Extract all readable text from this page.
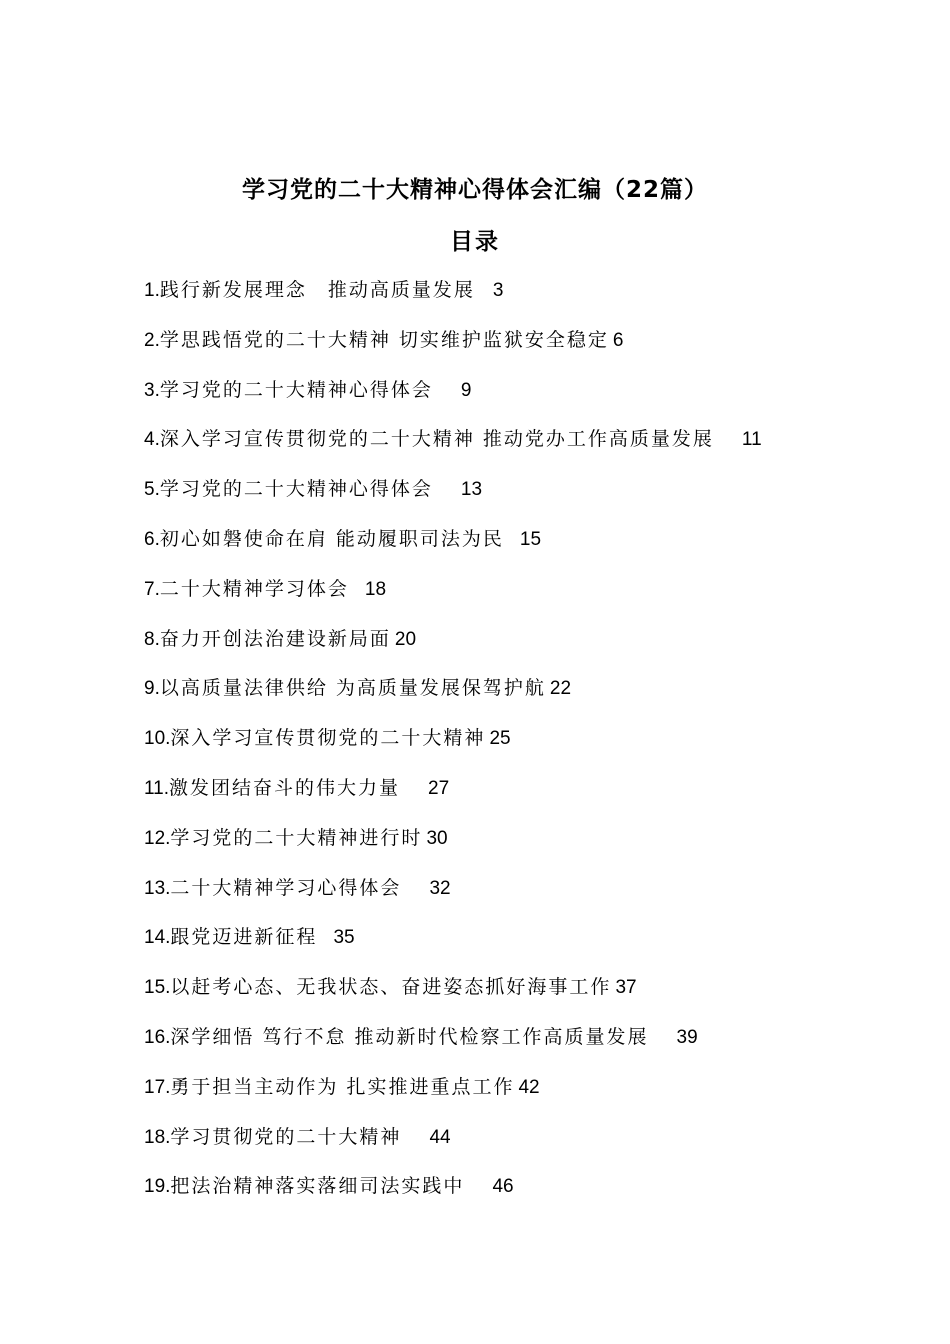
学习党的二十大精神心得体会汇编（22篇）
目录
1.践行新发展理念　推动高质量发展 3
2.学思践悟党的二十大精神 切实维护监狱安全稳定 6
3.学习党的二十大精神心得体会 9
4.深入学习宣传贯彻党的二十大精神 推动党办工作高质量发展 11
5.学习党的二十大精神心得体会 13
6.初心如磐使命在肩 能动履职司法为民 15
7.二十大精神学习体会 18
8.奋力开创法治建设新局面 20
9.以高质量法律供给 为高质量发展保驾护航 22
10.深入学习宣传贯彻党的二十大精神 25
11.激发团结奋斗的伟大力量 27
12.学习党的二十大精神进行时 30
13.二十大精神学习心得体会 32
14.跟党迈进新征程 35
15.以赶考心态、无我状态、奋进姿态抓好海事工作 37
16.深学细悟 笃行不怠 推动新时代检察工作高质量发展 39
17.勇于担当主动作为 扎实推进重点工作 42
18.学习贯彻党的二十大精神 44
19.把法治精神落实落细司法实践中 46
